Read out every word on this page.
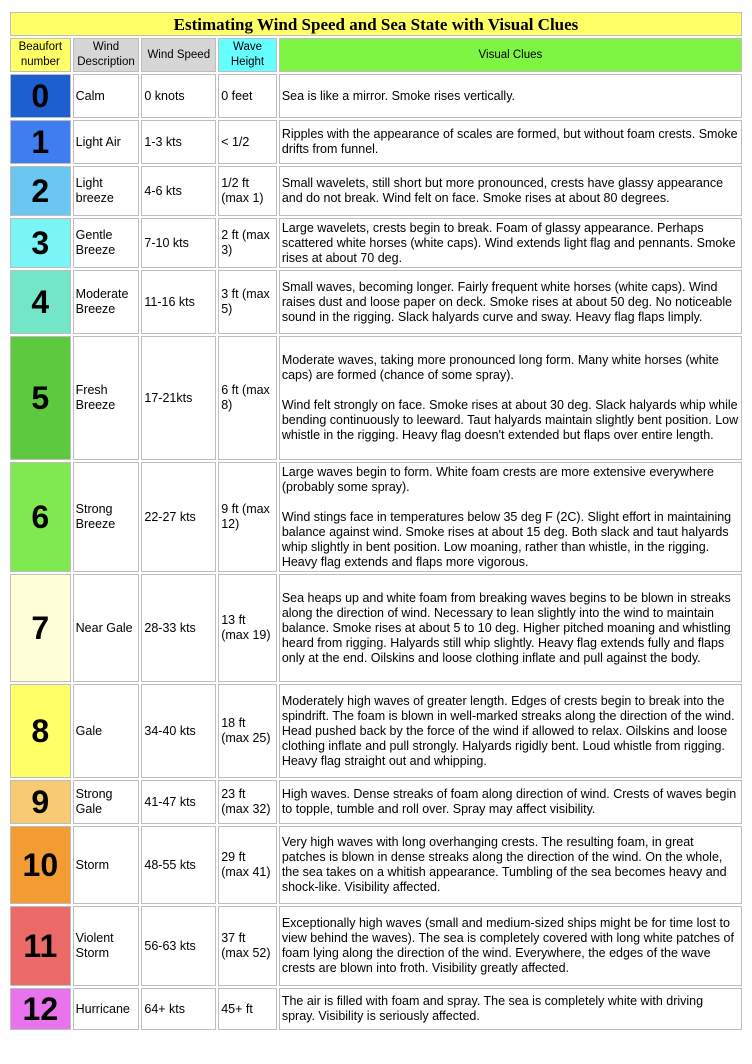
Estimating Wind Speed and Sea State with Visual Clues				
Beaufort number	Wind Description	Wind Speed	Wave Height	Visual Clues
0	Calm	0 knots	0 feet	Sea is like a mirror. Smoke rises vertically.
1	Light Air	1-3 kts	< 1/2	Ripples with the appearance of scales are formed, but without foam crests. Smoke drifts from funnel.
2	Light breeze	4-6 kts	1/2 ft (max 1)	Small wavelets, still short but more pronounced, crests have glassy appearance and do not break. Wind felt on face. Smoke rises at about 80 degrees.
3	Gentle Breeze	7-10 kts	2 ft (max 3)	Large wavelets, crests begin to break. Foam of glassy appearance. Perhaps scattered white horses (white caps). Wind extends light flag and pennants. Smoke rises at about 70 deg.
4	Moderate Breeze	11-16 kts	3 ft (max 5)	Small waves, becoming longer. Fairly frequent white horses (white caps). Wind raises dust and loose paper on deck. Smoke rises at about 50 deg. No noticeable sound in the rigging. Slack halyards curve and sway. Heavy flag flaps limply.
5	Fresh Breeze	17-21kts	6 ft (max 8)	Moderate waves, taking more pronounced long form. Many white horses (white caps) are formed (chance of some spray).

Wind felt strongly on face. Smoke rises at about 30 deg. Slack halyards whip while bending continuously to leeward. Taut halyards maintain slightly bent position. Low whistle in the rigging. Heavy flag doesn't extended but flaps over entire length.
6	Strong Breeze	22-27 kts	9 ft (max 12)	Large waves begin to form. White foam crests are more extensive everywhere (probably some spray).

Wind stings face in temperatures below 35 deg F (2C). Slight effort in maintaining balance against wind. Smoke rises at about 15 deg. Both slack and taut halyards whip slightly in bent position. Low moaning, rather than whistle, in the rigging. Heavy flag extends and flaps more vigorous.
7	Near Gale	28-33 kts	13 ft (max 19)	Sea heaps up and white foam from breaking waves begins to be blown in streaks along the direction of wind. Necessary to lean slightly into the wind to maintain balance. Smoke rises at about 5 to 10 deg. Higher pitched moaning and whistling heard from rigging. Halyards still whip slightly. Heavy flag extends fully and flaps only at the end. Oilskins and loose clothing inflate and pull against the body.
8	Gale	34-40 kts	18 ft (max 25)	Moderately high waves of greater length. Edges of crests begin to break into the spindrift. The foam is blown in well-marked streaks along the direction of the wind. Head pushed back by the force of the wind if allowed to relax. Oilskins and loose clothing inflate and pull strongly. Halyards rigidly bent. Loud whistle from rigging. Heavy flag straight out and whipping.
9	Strong Gale	41-47 kts	23 ft (max 32)	High waves. Dense streaks of foam along direction of wind. Crests of waves begin to topple, tumble and roll over. Spray may affect visibility.
10	Storm	48-55 kts	29 ft (max 41)	Very high waves with long overhanging crests. The resulting foam, in great patches is blown in dense streaks along the direction of the wind. On the whole, the sea takes on a whitish appearance. Tumbling of the sea becomes heavy and shock-like. Visibility affected.
11	Violent Storm	56-63 kts	37 ft (max 52)	Exceptionally high waves (small and medium-sized ships might be for time lost to view behind the waves). The sea is completely covered with long white patches of foam lying along the direction of the wind. Everywhere, the edges of the wave crests are blown into froth. Visibility greatly affected.
12	Hurricane	64+ kts	45+ ft	The air is filled with foam and spray. The sea is completely white with driving spray. Visibility is seriously affected.
